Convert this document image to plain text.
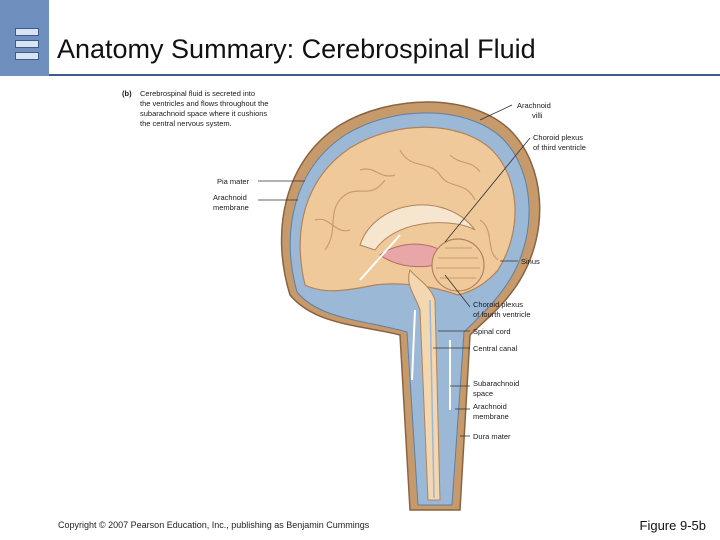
Anatomy Summary: Cerebrospinal Fluid
(b) Cerebrospinal fluid is secreted into
the ventricles and flows throughout the
subarachnoid space where it cushions
the central nervous system.
Arachnoid
villi
Choroid plexus
of third ventricle
Sinus
Choroid plexus
of fourth ventricle
Spinal cord
Central canal
Subarachnoid
space
Arachnoid
membrane
Dura mater
Pia mater
Arachnoid
membrane
Copyright © 2007 Pearson Education, Inc., publishing as Benjamin Cummings	Figure 9-5b
